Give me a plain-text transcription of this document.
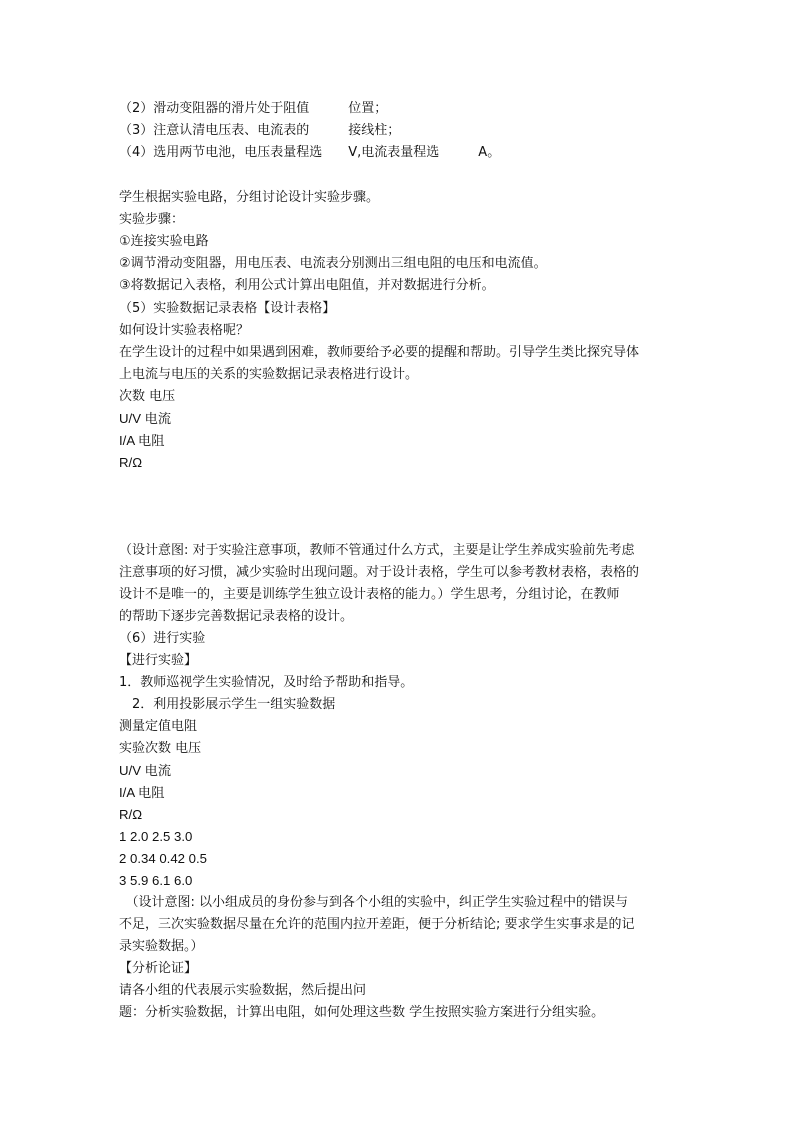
（2）滑动变阻器的滑片处于阻值　　　位置；
（3）注意认清电压表、电流表的　　　接线柱；
（4）选用两节电池，电压表量程选　　V,电流表量程选　　　A。
学生根据实验电路，分组讨论设计实验步骤。
实验步骤：
①连接实验电路
②调节滑动变阻器，用电压表、电流表分别测出三组电阻的电压和电流值。
③将数据记入表格，利用公式计算出电阻值，并对数据进行分析。
（5）实验数据记录表格【设计表格】
如何设计实验表格呢？
在学生设计的过程中如果遇到困难，教师要给予必要的提醒和帮助。引导学生类比探究导体
上电流与电压的关系的实验数据记录表格进行设计。
次数 电压
U/V 电流
I/A 电阻
R/Ω
（设计意图: 对于实验注意事项，教师不管通过什么方式，主要是让学生养成实验前先考虑
注意事项的好习惯，减少实验时出现问题。对于设计表格，学生可以参考教材表格，表格的
设计不是唯一的，主要是训练学生独立设计表格的能力。）学生思考，分组讨论，在教师
的帮助下逐步完善数据记录表格的设计。
（6）进行实验
【进行实验】
1．教师巡视学生实验情况，及时给予帮助和指导。
　2．利用投影展示学生一组实验数据
测量定值电阻
实验次数 电压
U/V 电流
I/A 电阻
R/Ω
1 2.0 2.5 3.0
2 0.34 0.42 0.5
3 5.9 6.1 6.0
　（设计意图: 以小组成员的身份参与到各个小组的实验中，纠正学生实验过程中的错误与
不足，三次实验数据尽量在允许的范围内拉开差距，便于分析结论; 要求学生实事求是的记
录实验数据。）
【分析论证】
请各小组的代表展示实验数据，然后提出问
题：分析实验数据，计算出电阻，如何处理这些数 学生按照实验方案进行分组实验。
